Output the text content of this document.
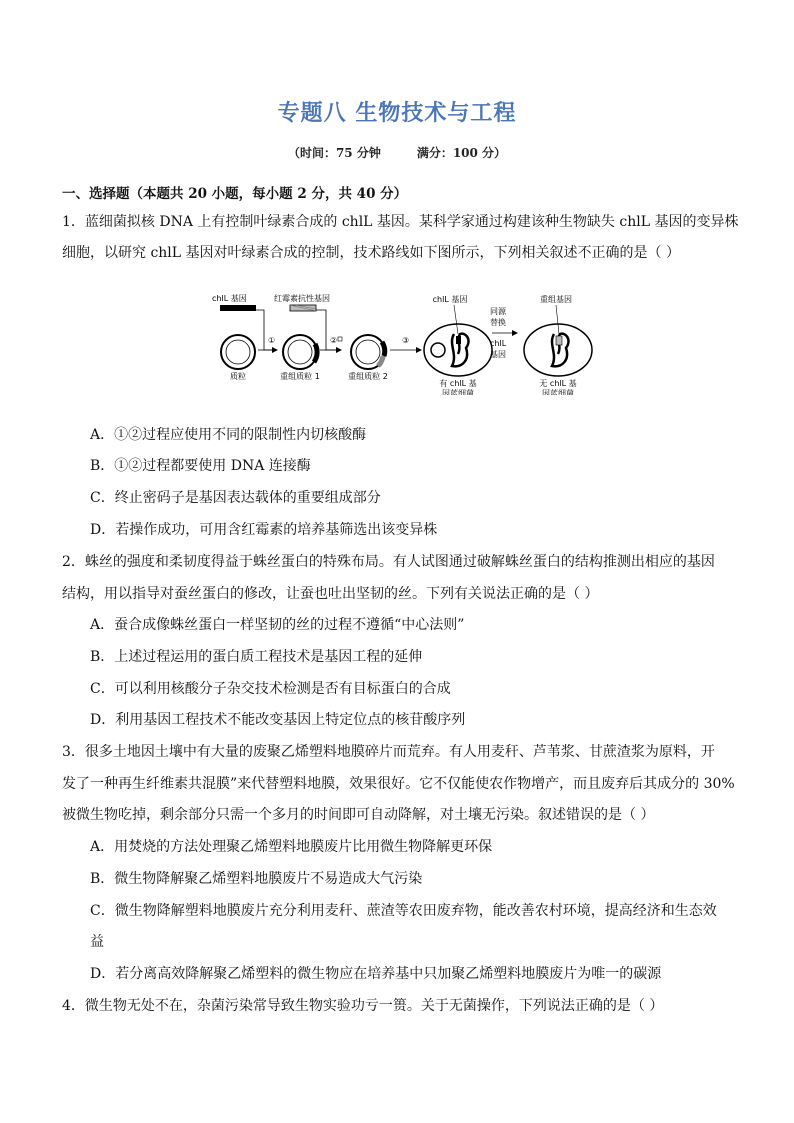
专题八 生物技术与工程
（时间：75 分钟	满分：100 分）
一、选择题（本题共 20 小题，每小题 2 分，共 40 分）
1．蓝细菌拟核 DNA 上有控制叶绿素合成的 chlL 基因。某科学家通过构建该种生物缺失 chlL 基因的变异株
细胞，以研究 chlL 基因对叶绿素合成的控制，技术路线如下图所示，下列相关叙述不正确的是（ ）
chlL 基因	红霉素抗性基因
质粒
①
重组质粒 1
②
重组质粒 2
③
chlL 基因
有 chlL 基
因蓝细菌
同源
替换
chlL
基因
重组基因
无 chlL 基
因蓝细菌
A．①②过程应使用不同的限制性内切核酸酶
B．①②过程都要使用 DNA 连接酶
C．终止密码子是基因表达载体的重要组成部分
D．若操作成功，可用含红霉素的培养基筛选出该变异株
2．蛛丝的强度和柔韧度得益于蛛丝蛋白的特殊布局。有人试图通过破解蛛丝蛋白的结构推测出相应的基因
结构，用以指导对蚕丝蛋白的修改，让蚕也吐出坚韧的丝。下列有关说法正确的是（ ）
A．蚕合成像蛛丝蛋白一样坚韧的丝的过程不遵循“中心法则”
B．上述过程运用的蛋白质工程技术是基因工程的延伸
C．可以利用核酸分子杂交技术检测是否有目标蛋白的合成
D．利用基因工程技术不能改变基因上特定位点的核苷酸序列
3．很多土地因土壤中有大量的废聚乙烯塑料地膜碎片而荒弃。有人用麦秆、芦苇浆、甘蔗渣浆为原料，开
发了一种再生纤维素共混膜”来代替塑料地膜，效果很好。它不仅能使农作物增产，而且废弃后其成分的 30%
被微生物吃掉，剩余部分只需一个多月的时间即可自动降解，对土壤无污染。叙述错误的是（ ）
A．用焚烧的方法处理聚乙烯塑料地膜废片比用微生物降解更环保
B．微生物降解聚乙烯塑料地膜废片不易造成大气污染
C．微生物降解塑料地膜废片充分利用麦秆、蔗渣等农田废弃物，能改善农村环境，提高经济和生态效
益
D．若分离高效降解聚乙烯塑料的微生物应在培养基中只加聚乙烯塑料地膜废片为唯一的碳源
4．微生物无处不在，杂菌污染常导致生物实验功亏一篑。关于无菌操作，下列说法正确的是（ ）
